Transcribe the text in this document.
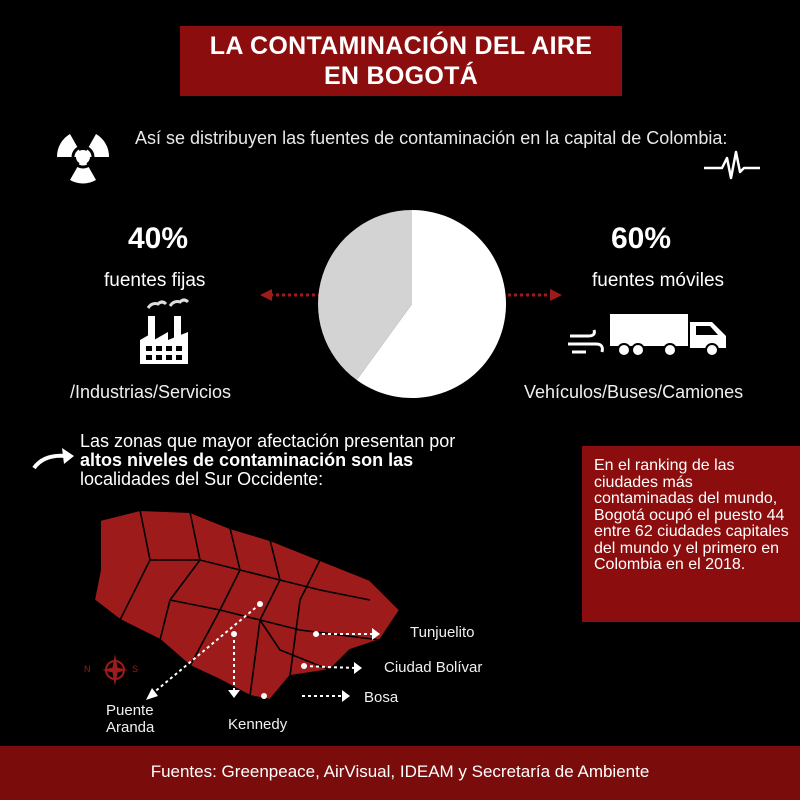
LA CONTAMINACIÓN DEL AIRE
EN BOGOTÁ
Así se distribuyen las fuentes de contaminación en la capital de Colombia:
40%
fuentes fijas
/Industrias/Servicios
60%
fuentes móviles
Vehículos/Buses/Camiones
Las zonas que mayor afectación presentan por
altos niveles de contaminación son las
localidades del Sur Occidente:
En el ranking de las ciudades más contaminadas del mundo, Bogotá ocupó el puesto 44 entre 62 ciudades capitales del mundo y el primero en Colombia en el 2018.
N	S
Tunjuelito
Ciudad Bolívar
Bosa
Kennedy
Puente
Aranda
Fuentes: Greenpeace, AirVisual, IDEAM y Secretaría de Ambiente
